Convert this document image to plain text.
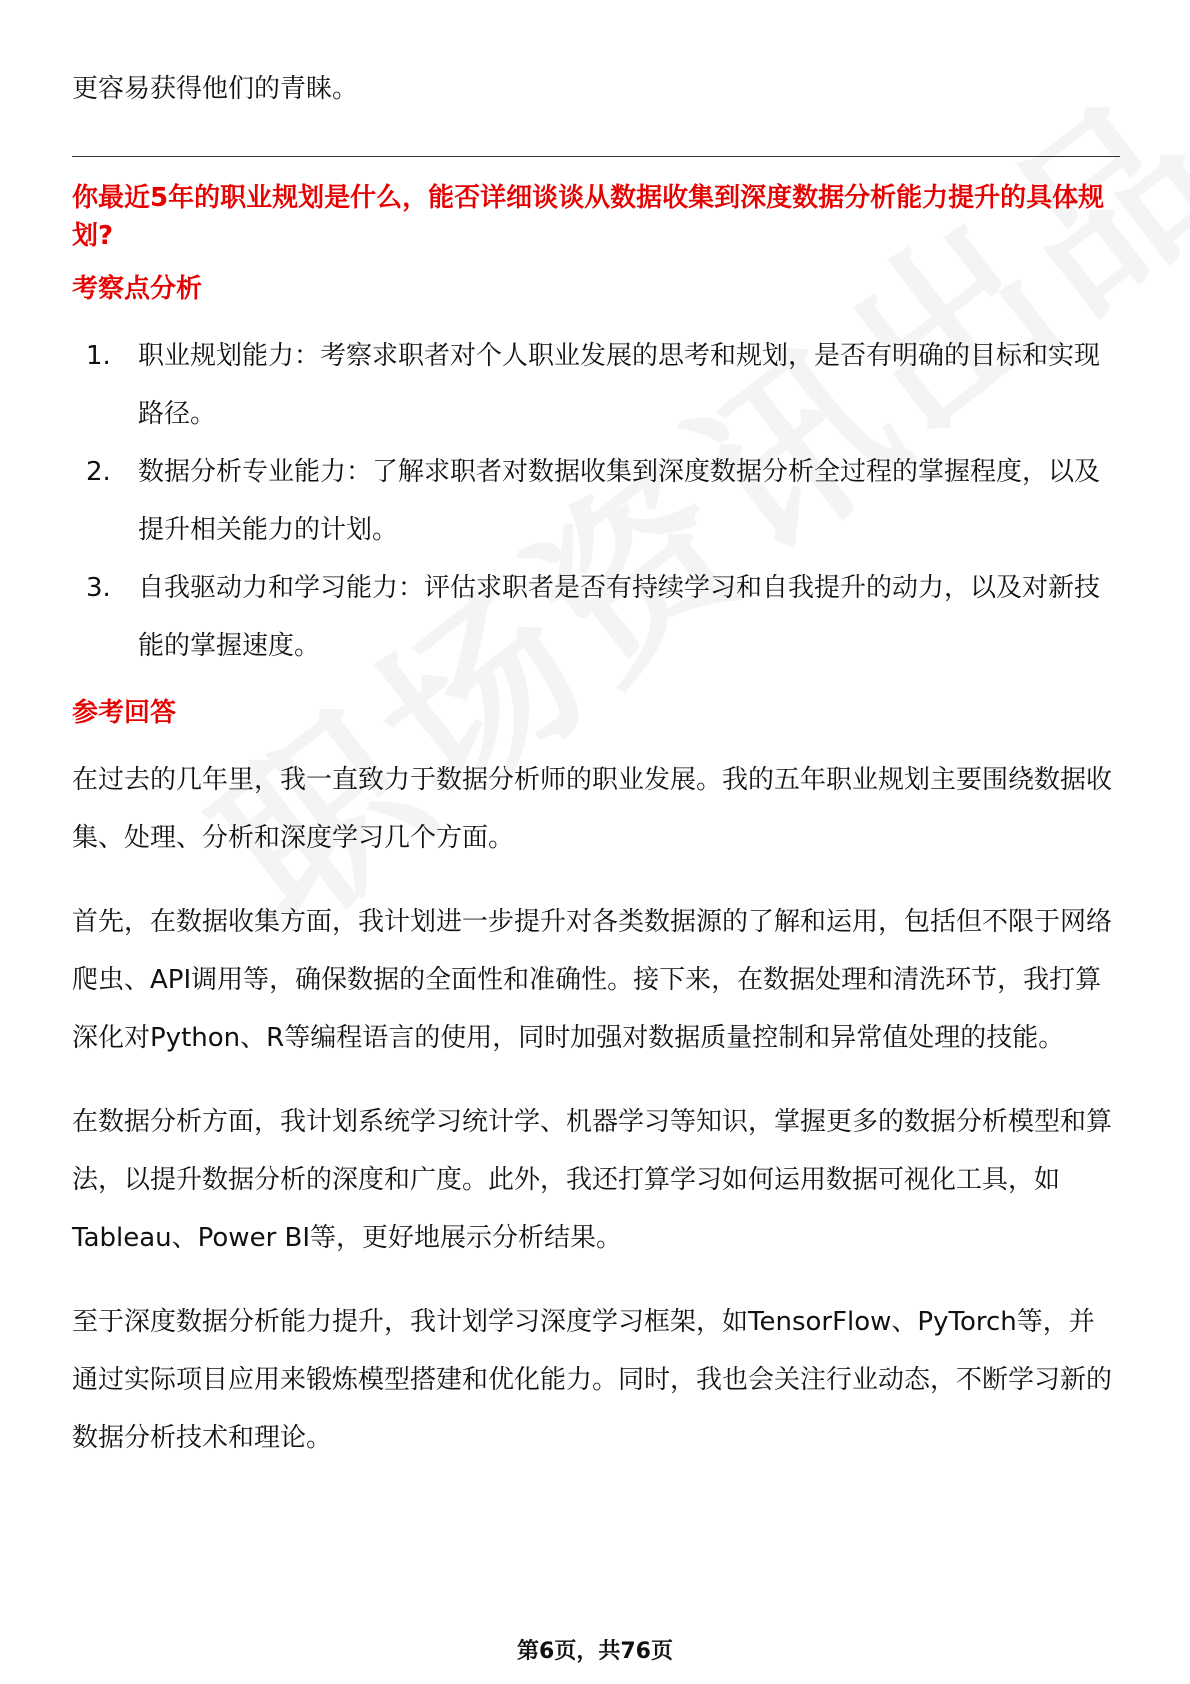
更容易获得他们的青睐。

你最近5年的职业规划是什么，能否详细谈谈从数据收集到深度数据分析能力提升的具体规划?
考察点分析
1.	职业规划能力：考察求职者对个人职业发展的思考和规划，是否有明确的目标和实现路径。
2.	数据分析专业能力：了解求职者对数据收集到深度数据分析全过程的掌握程度，以及提升相关能力的计划。
3.	自我驱动力和学习能力：评估求职者是否有持续学习和自我提升的动力，以及对新技能的掌握速度。
参考回答

在过去的几年里，我一直致力于数据分析师的职业发展。我的五年职业规划主要围绕数据收集、处理、分析和深度学习几个方面。

首先，在数据收集方面，我计划进一步提升对各类数据源的了解和运用，包括但不限于网络爬虫、API调用等，确保数据的全面性和准确性。接下来，在数据处理和清洗环节，我打算深化对Python、R等编程语言的使用，同时加强对数据质量控制和异常值处理的技能。

在数据分析方面，我计划系统学习统计学、机器学习等知识，掌握更多的数据分析模型和算法，以提升数据分析的深度和广度。此外，我还打算学习如何运用数据可视化工具，如Tableau、Power BI等，更好地展示分析结果。

至于深度数据分析能力提升，我计划学习深度学习框架，如TensorFlow、PyTorch等，并通过实际项目应用来锻炼模型搭建和优化能力。同时，我也会关注行业动态，不断学习新的数据分析技术和理论。

第6页，共76页
